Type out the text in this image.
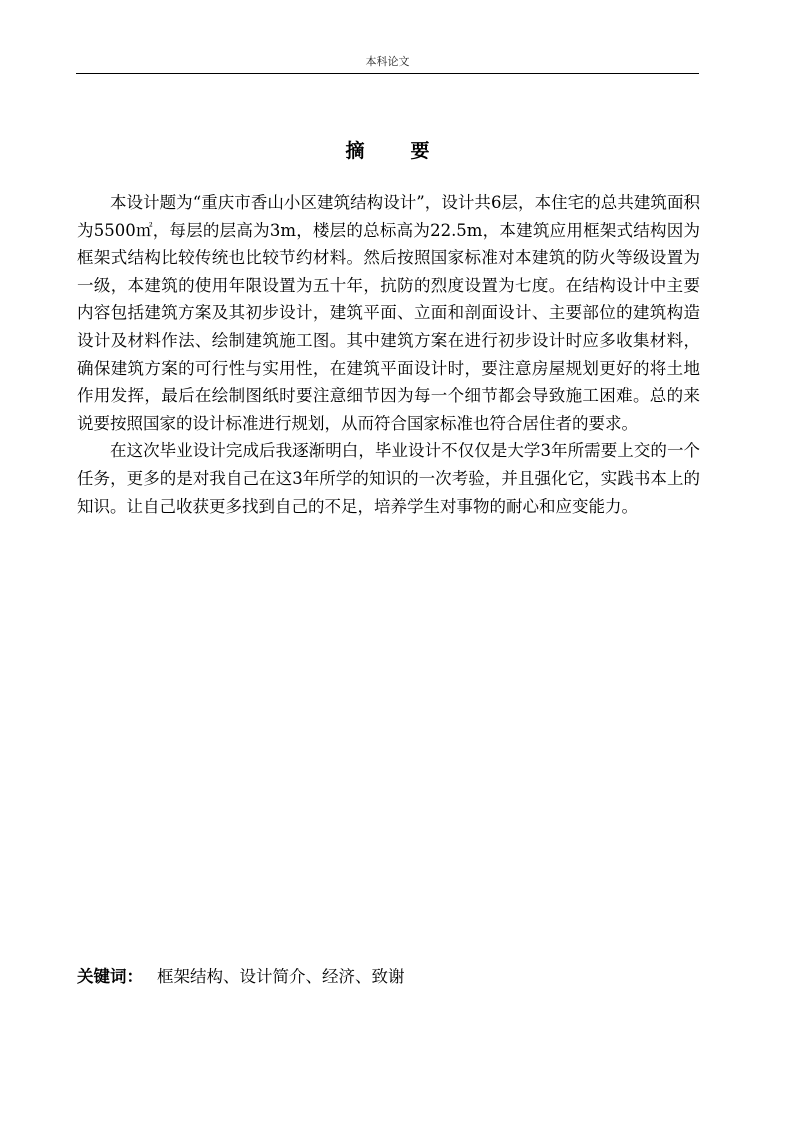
本科论文
摘 要

本设计题为“重庆市香山小区建筑结构设计”，设计共6层，本住宅的总共建筑面积为5500㎡，每层的层高为3m，楼层的总标高为22.5m，本建筑应用框架式结构因为框架式结构比较传统也比较节约材料。然后按照国家标准对本建筑的防火等级设置为一级，本建筑的使用年限设置为五十年，抗防的烈度设置为七度。在结构设计中主要内容包括建筑方案及其初步设计，建筑平面、立面和剖面设计、主要部位的建筑构造设计及材料作法、绘制建筑施工图。其中建筑方案在进行初步设计时应多收集材料，确保建筑方案的可行性与实用性，在建筑平面设计时，要注意房屋规划更好的将土地作用发挥，最后在绘制图纸时要注意细节因为每一个细节都会导致施工困难。总的来说要按照国家的设计标准进行规划，从而符合国家标准也符合居住者的要求。

在这次毕业设计完成后我逐渐明白，毕业设计不仅仅是大学3年所需要上交的一个任务，更多的是对我自己在这3年所学的知识的一次考验，并且强化它，实践书本上的知识。让自己收获更多找到自己的不足，培养学生对事物的耐心和应变能力。

关键词： 框架结构、设计简介、经济、致谢
